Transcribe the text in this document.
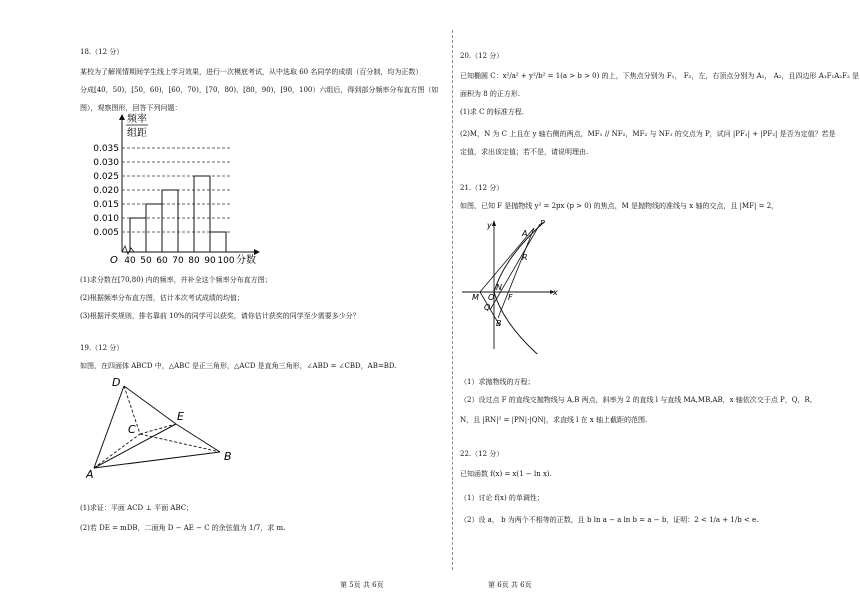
18.（12 分）

某校为了解视情期间学生线上学习效果，进行一次模底考试，从中选取 60 名同学的成绩（百分制，均为正数）

分成[40，50)，[50，60)，[60，70)，[70，80)，[80，90)，[90，100）六组后，得到部分频率分布直方图（如

图），观察图形，回答下列问题：

频率
组距
0.035
0.030
0.025
0.020
0.015
0.010
0.005
40 50 60 70 80 90 100 分数
O

(1)求分数在[70,80) 内的频率，并补全这个频率分布直方图；

(2)根据频率分布直方图，估计本次考试成绩的均值；

(3)根据评奖规则，排名靠前 10%的同学可以获奖，请你估计获奖的同学至少需要多少分？

19.（12 分）

如图，在四面体 ABCD 中，△ABC 是正三角形，△ACD 是直角三角形，∠ABD = ∠CBD，AB=BD.

D
A
B
C
E

(1)求证：平面 ACD ⊥ 平面 ABC；

(2)若 DE = mDB，二面角 D − AE − C 的余弦值为 1/7，求 m.

20.（12 分）

已知椭圆 C：x²/a² + y²/b² = 1(a > b > 0) 的上，下焦点分别为 F₁， F₂，左，右顶点分别为 A₁， A₂，且四边形 A₁F₁A₂F₂ 是

面积为 8 的正方形.

(1)求 C 的标准方程.

(2)M，N 为 C 上且在 y 轴右侧的两点，MF₁ // NF₂，MF₂ 与 NF₁ 的交点为 P，试问 |PF₁| + |PF₂| 是否为定值？若是

定值，求出该定值；若不是，请说明理由.

21.（12 分）

如图，已知 F 是抛物线 y² = 2px (p > 0) 的焦点，M 是抛物线的准线与 x 轴的交点，且 |MF| = 2，

y
x
O
M	F
A
P
R
N
Q
B

（1）求抛物线的方程；

（2）设过点 F 的直线交抛物线与 A,B 两点，斜率为 2 的直线 l 与直线 MA,MB,AB，x 轴依次交于点 P，Q，R，

N，且 |RN|² = |PN|·|QN|，求直线 l 在 x 轴上截距的范围.

22.（12 分）

已知函数 f(x) = x(1 − ln x).

（1）讨论 f(x) 的单调性；

（2）设 a， b 为两个不相等的正数，且 b ln a − a ln b = a − b，证明：2 < 1/a + 1/b < e.

第 5页 共 6页	第 6页 共 6页
